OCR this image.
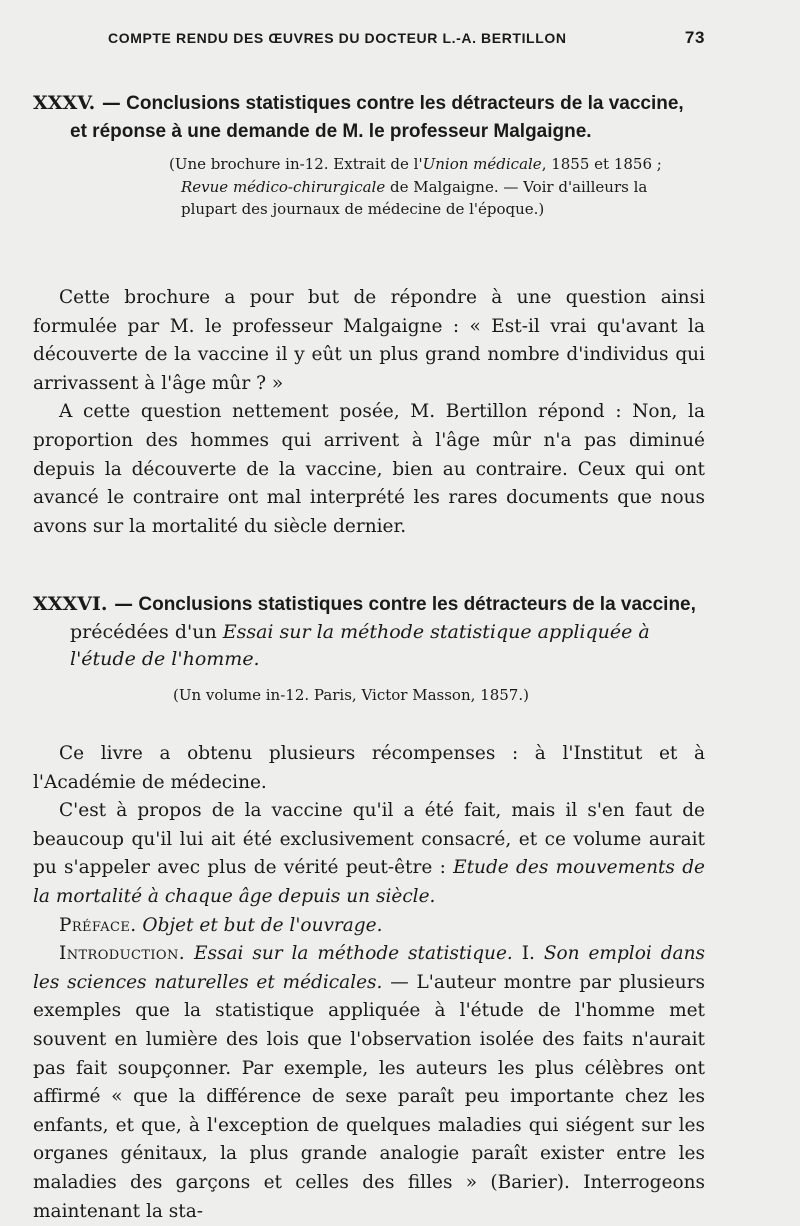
COMPTE RENDU DES ŒUVRES DU DOCTEUR L.-A. BERTILLON	73
XXXV. — Conclusions statistiques contre les détracteurs de la vaccine, et réponse à une demande de M. le professeur Malgaigne.
(Une brochure in-12. Extrait de l'Union médicale, 1855 et 1856 ;
Revue médico-chirurgicale de Malgaigne. — Voir d'ailleurs la plupart des journaux de médecine de l'époque.)

Cette brochure a pour but de répondre à une question ainsi formulée par M. le professeur Malgaigne : « Est-il vrai qu'avant la découverte de la vaccine il y eût un plus grand nombre d'individus qui arrivassent à l'âge mûr ? »

A cette question nettement posée, M. Bertillon répond : Non, la proportion des hommes qui arrivent à l'âge mûr n'a pas diminué depuis la découverte de la vaccine, bien au contraire. Ceux qui ont avancé le contraire ont mal interprété les rares documents que nous avons sur la mortalité du siècle dernier.

XXXVI. — Conclusions statistiques contre les détracteurs de la vaccine, précédées d'un Essai sur la méthode statistique appliquée à l'étude de l'homme.
(Un volume in-12. Paris, Victor Masson, 1857.)

Ce livre a obtenu plusieurs récompenses : à l'Institut et à l'Académie de médecine.

C'est à propos de la vaccine qu'il a été fait, mais il s'en faut de beaucoup qu'il lui ait été exclusivement consacré, et ce volume aurait pu s'appeler avec plus de vérité peut-être : Etude des mouvements de la mortalité à chaque âge depuis un siècle.

Préface. Objet et but de l'ouvrage.

Introduction. Essai sur la méthode statistique. I. Son emploi dans les sciences naturelles et médicales. — L'auteur montre par plusieurs exemples que la statistique appliquée à l'étude de l'homme met souvent en lumière des lois que l'observation isolée des faits n'aurait pas fait soupçonner. Par exemple, les auteurs les plus célèbres ont affirmé « que la différence de sexe paraît peu importante chez les enfants, et que, à l'exception de quelques maladies qui siégent sur les organes génitaux, la plus grande analogie paraît exister entre les maladies des garçons et celles des filles » (Barier). Interrogeons maintenant la sta-
